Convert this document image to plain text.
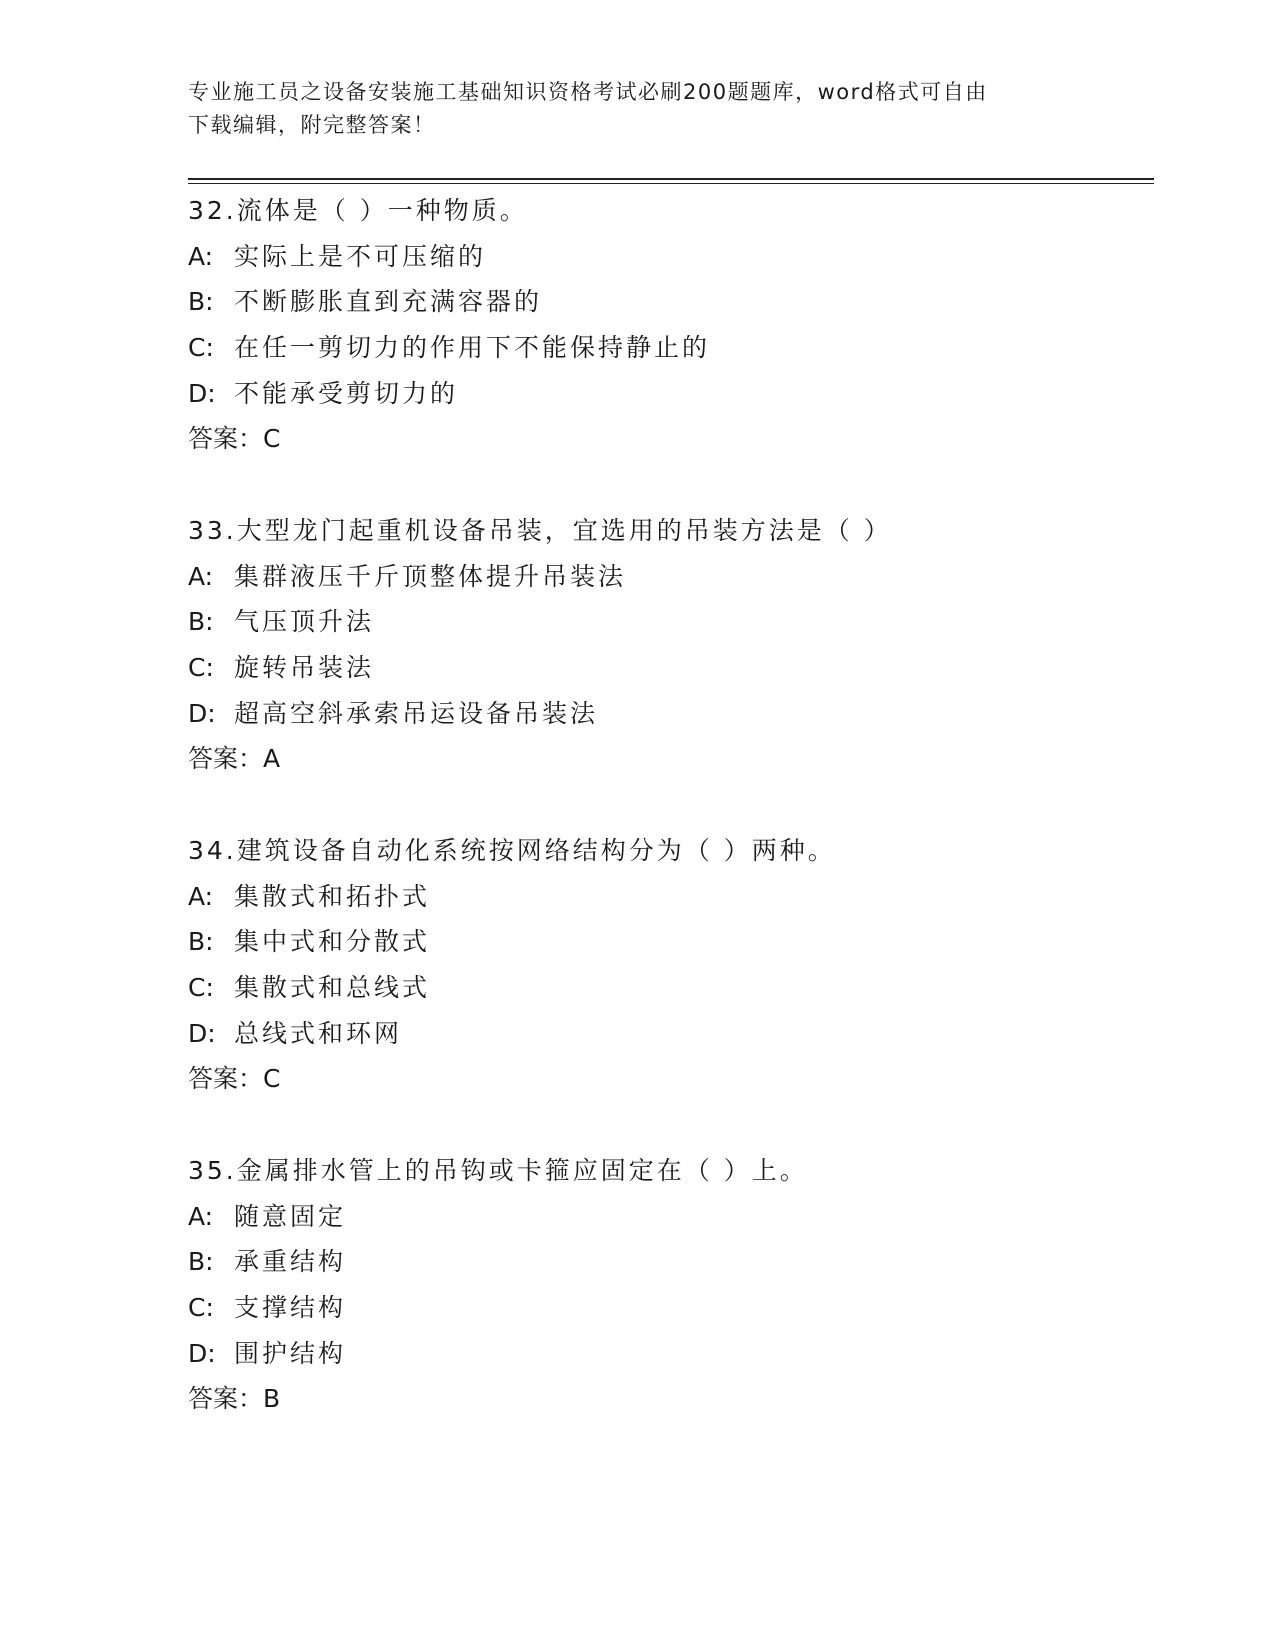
专业施工员之设备安装施工基础知识资格考试必刷200题题库，word格式可自由
下载编辑，附完整答案！
32.流体是（ ）一种物质。
A: 实际上是不可压缩的
B: 不断膨胀直到充满容器的
C: 在任一剪切力的作用下不能保持静止的
D: 不能承受剪切力的
答案：C
33.大型龙门起重机设备吊装，宜选用的吊装方法是（ ）
A: 集群液压千斤顶整体提升吊装法
B: 气压顶升法
C: 旋转吊装法
D: 超高空斜承索吊运设备吊装法
答案：A
34.建筑设备自动化系统按网络结构分为（ ）两种。
A: 集散式和拓扑式
B: 集中式和分散式
C: 集散式和总线式
D: 总线式和环网
答案：C
35.金属排水管上的吊钩或卡箍应固定在（ ）上。
A: 随意固定
B: 承重结构
C: 支撑结构
D: 围护结构
答案：B
